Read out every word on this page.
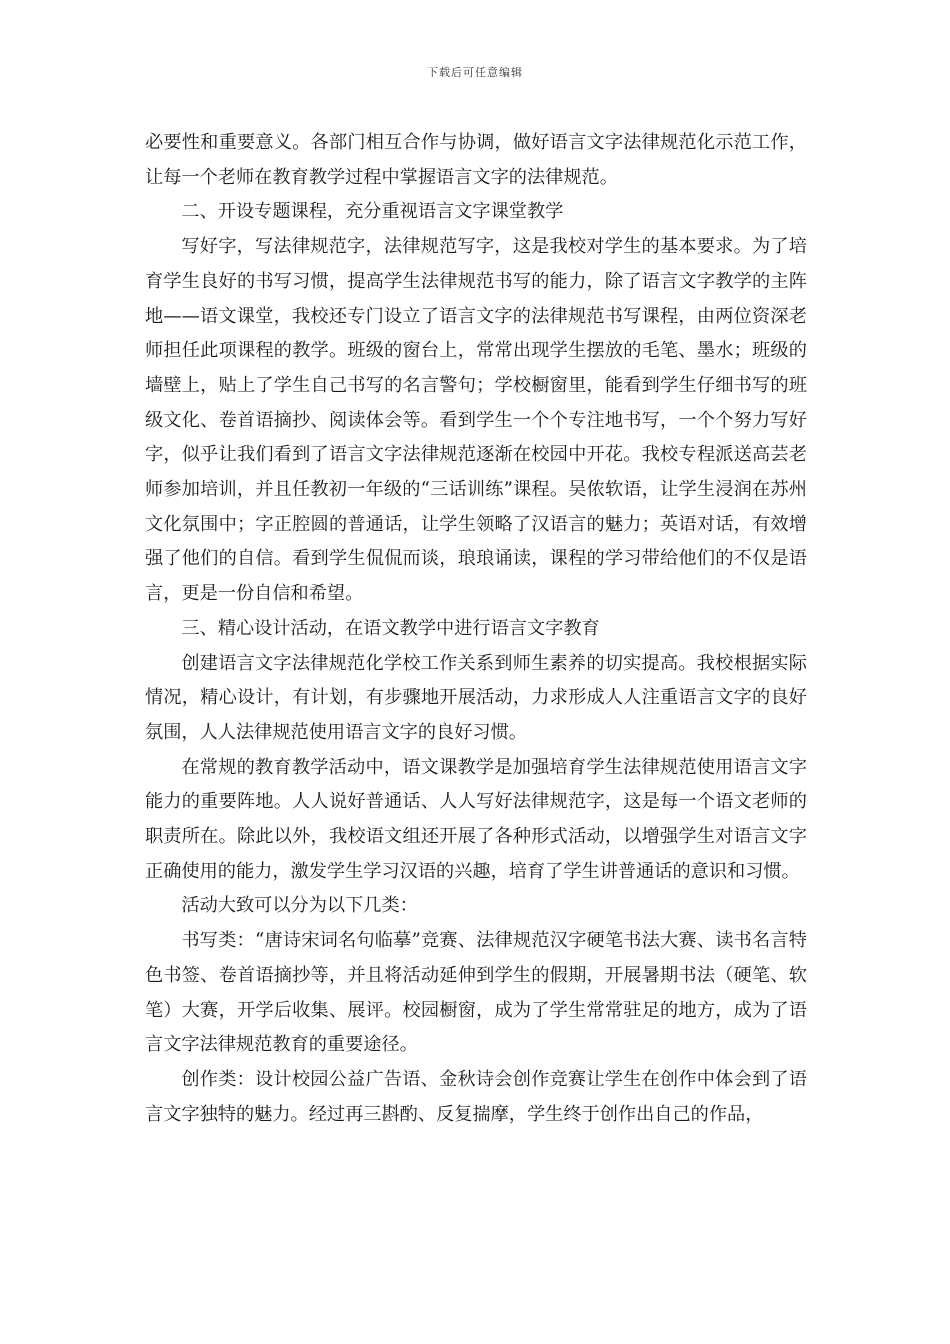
下载后可任意编辑

必要性和重要意义。各部门相互合作与协调，做好语言文字法律规范化示范工作，让每一个老师在教育教学过程中掌握语言文字的法律规范。

二、开设专题课程，充分重视语言文字课堂教学

写好字，写法律规范字，法律规范写字，这是我校对学生的基本要求。为了培育学生良好的书写习惯，提高学生法律规范书写的能力，除了语言文字教学的主阵地——语文课堂，我校还专门设立了语言文字的法律规范书写课程，由两位资深老师担任此项课程的教学。班级的窗台上，常常出现学生摆放的毛笔、墨水；班级的墙壁上，贴上了学生自己书写的名言警句；学校橱窗里，能看到学生仔细书写的班级文化、卷首语摘抄、阅读体会等。看到学生一个个专注地书写，一个个努力写好字，似乎让我们看到了语言文字法律规范逐渐在校园中开花。我校专程派送高芸老师参加培训，并且任教初一年级的“三话训练”课程。吴侬软语，让学生浸润在苏州文化氛围中；字正腔圆的普通话，让学生领略了汉语言的魅力；英语对话，有效增强了他们的自信。看到学生侃侃而谈，琅琅诵读，课程的学习带给他们的不仅是语言，更是一份自信和希望。

三、精心设计活动，在语文教学中进行语言文字教育

创建语言文字法律规范化学校工作关系到师生素养的切实提高。我校根据实际情况，精心设计，有计划，有步骤地开展活动，力求形成人人注重语言文字的良好氛围，人人法律规范使用语言文字的良好习惯。

在常规的教育教学活动中，语文课教学是加强培育学生法律规范使用语言文字能力的重要阵地。人人说好普通话、人人写好法律规范字，这是每一个语文老师的职责所在。除此以外，我校语文组还开展了各种形式活动，以增强学生对语言文字正确使用的能力，激发学生学习汉语的兴趣，培育了学生讲普通话的意识和习惯。

活动大致可以分为以下几类：

书写类：“唐诗宋词名句临摹”竞赛、法律规范汉字硬笔书法大赛、读书名言特色书签、卷首语摘抄等，并且将活动延伸到学生的假期，开展暑期书法（硬笔、软笔）大赛，开学后收集、展评。校园橱窗，成为了学生常常驻足的地方，成为了语言文字法律规范教育的重要途径。

创作类：设计校园公益广告语、金秋诗会创作竞赛让学生在创作中体会到了语言文字独特的魅力。经过再三斟酌、反复揣摩，学生终于创作出自己的作品，
